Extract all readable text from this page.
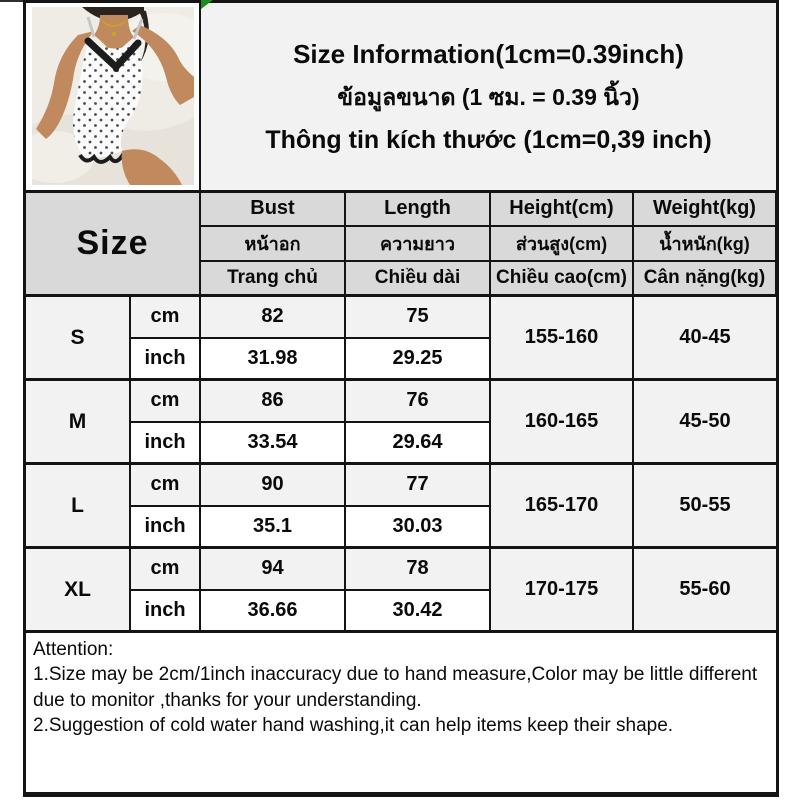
Size Information(1cm=0.39inch)
ข้อมูลขนาด (1 ซม. = 0.39 นิ้ว)
Thông tin kích thước (1cm=0,39 inch)			

Size		Bust	Length	Height(cm)	Weight(kg)
		หน้าอก	ความยาว	ส่วนสูง(cm)	น้ำหนัก(kg)
		Trang chủ	Chiều dài	Chiều cao(cm)	Cân nặng(kg)
S	cm	82	75	155-160	40-45
	inch	31.98	29.25		
M	cm	86	76	160-165	45-50
	inch	33.54	29.64		
L	cm	90	77	165-170	50-55
	inch	35.1	30.03		
XL	cm	94	78	170-175	55-60
	inch	36.66	30.42		

Attention:

1.Size may be 2cm/1inch inaccuracy due to hand measure,Color may be little different due to monitor ,thanks for your understanding.

2.Suggestion of cold water hand washing,it can help items keep their shape.					
